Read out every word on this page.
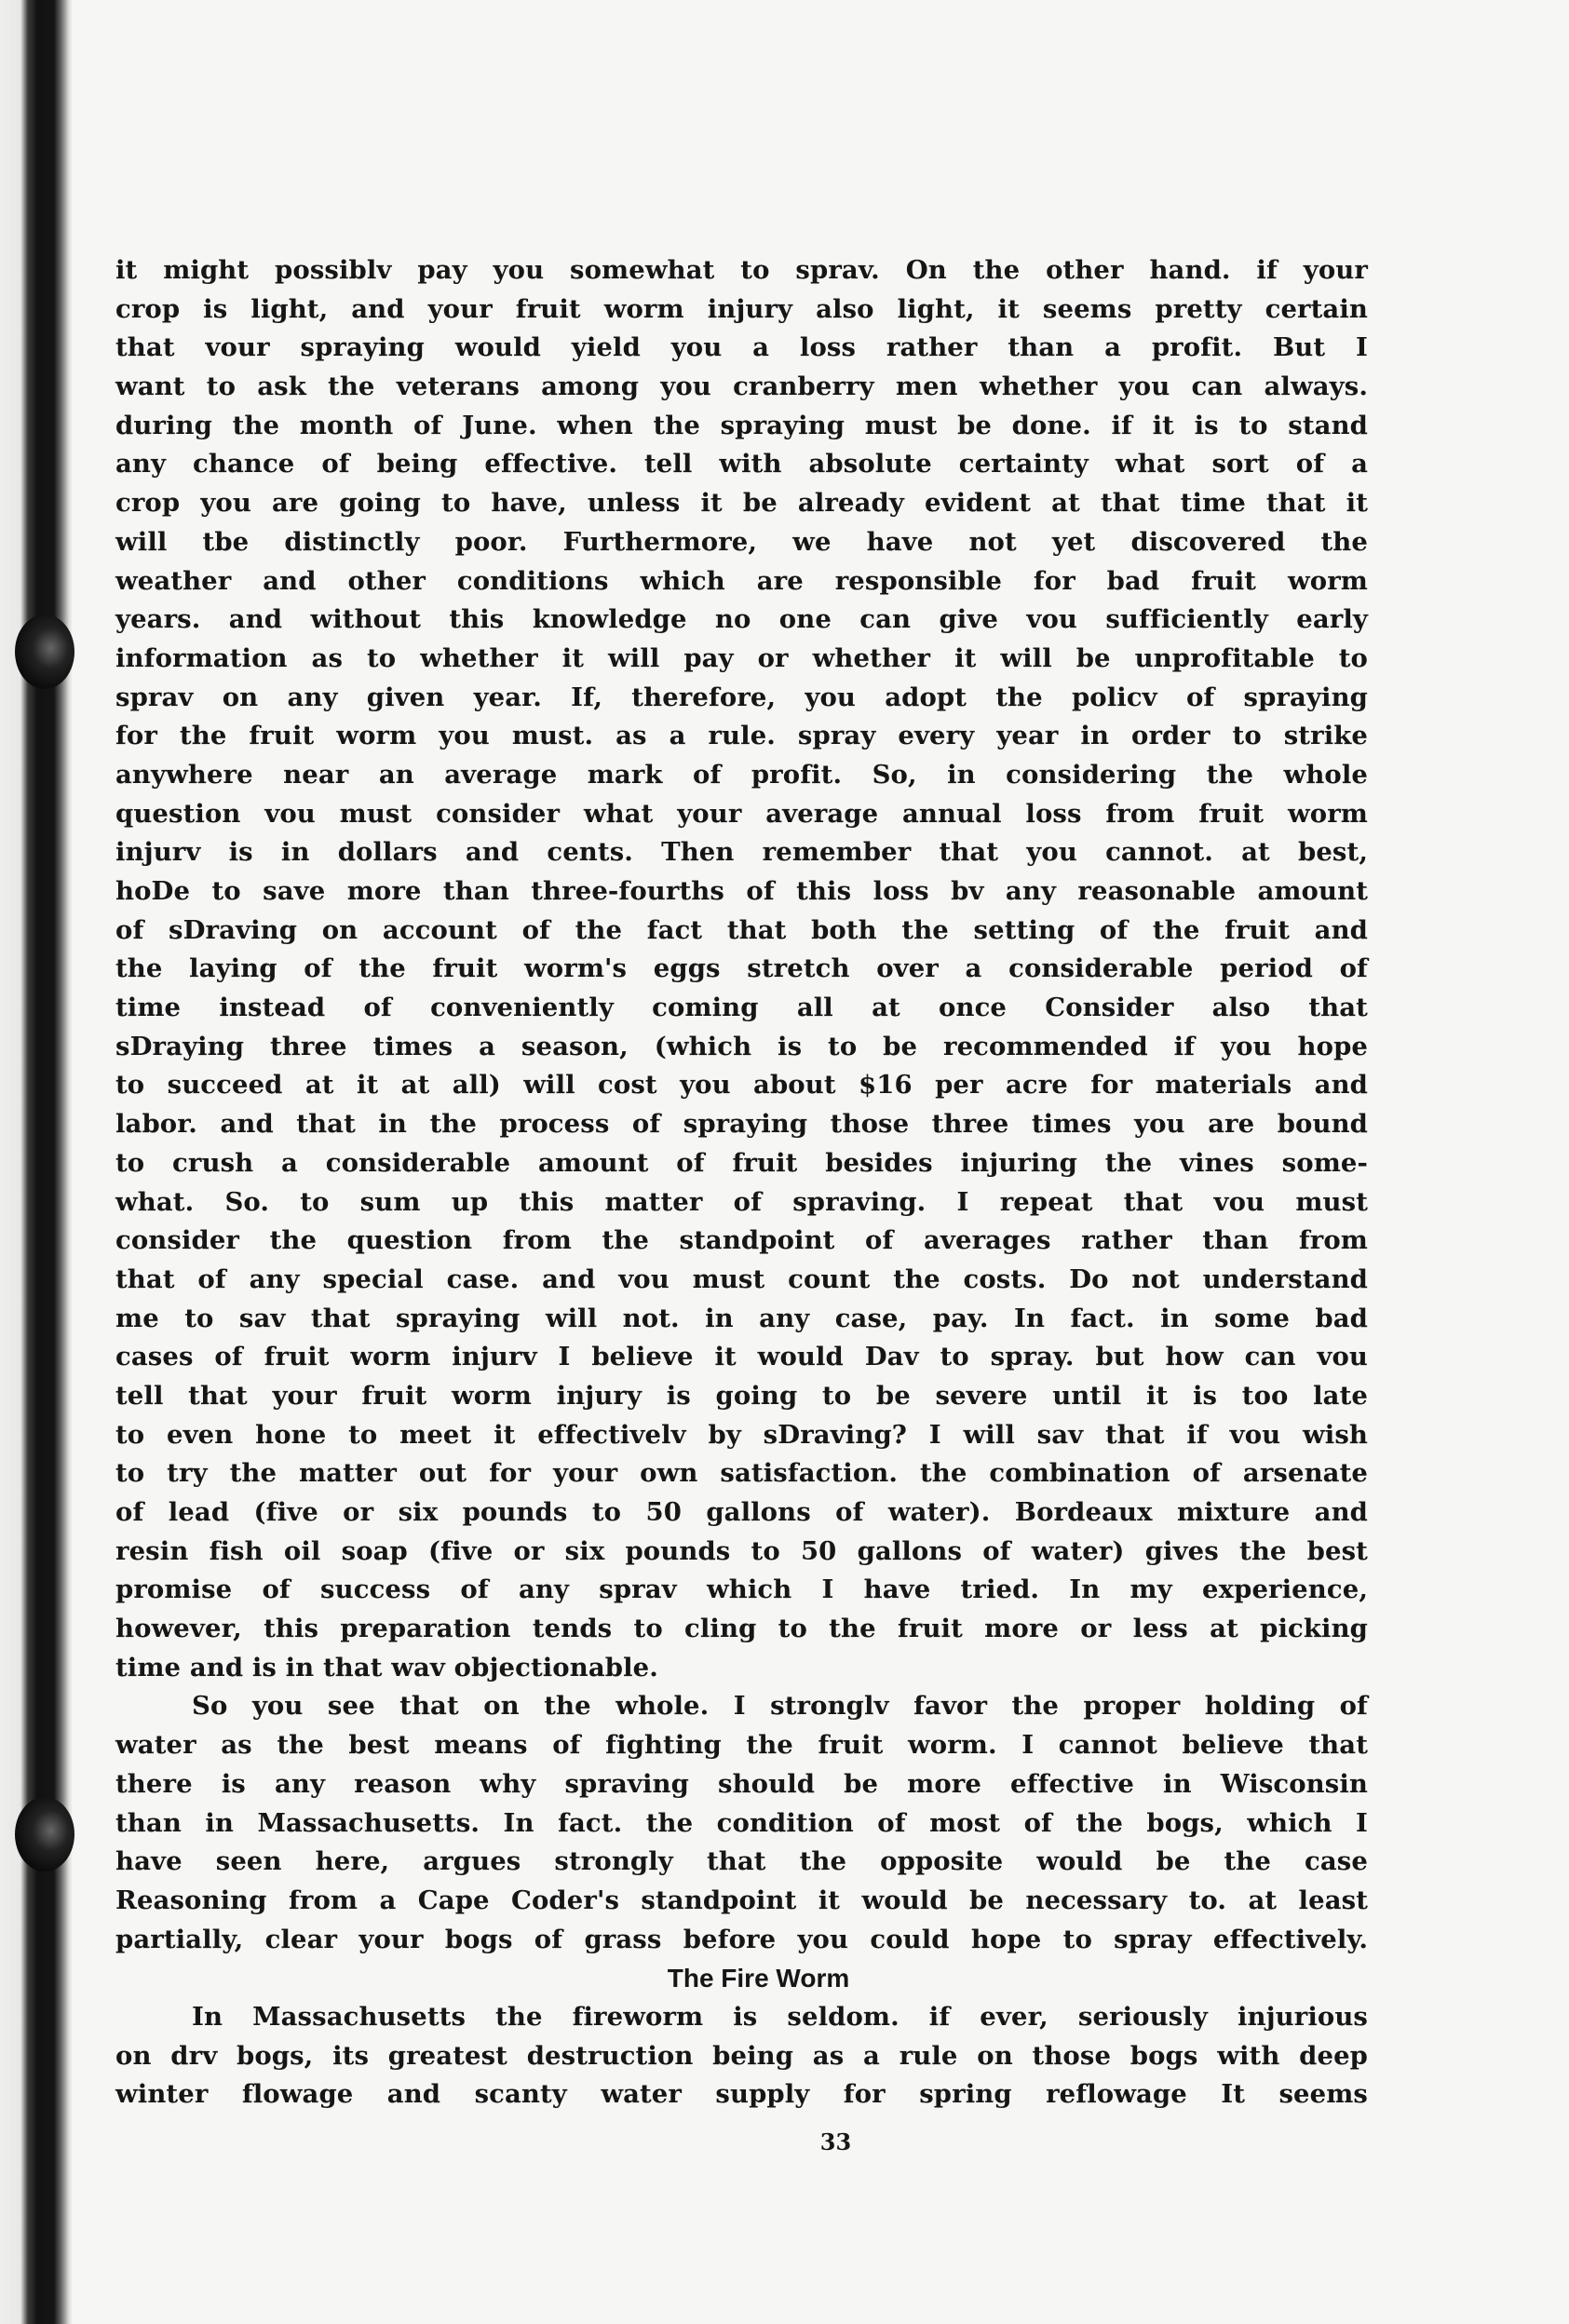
it might possiblv pay you somewhat to sprav. On the other hand. if your
crop is light, and your fruit worm injury also light, it seems pretty certain
that vour spraying would yield you a loss rather than a profit. But I
want to ask the veterans among you cranberry men whether you can always.
during the month of June. when the spraying must be done. if it is to stand
any chance of being effective. tell with absolute certainty what sort of a
crop you are going to have, unless it be already evident at that time that it
will tbe distinctly poor. Furthermore, we have not yet discovered the
weather and other conditions which are responsible for bad fruit worm
years. and without this knowledge no one can give vou sufficiently early
information as to whether it will pay or whether it will be unprofitable to
sprav on any given year. If, therefore, you adopt the policv of spraying
for the fruit worm you must. as a rule. spray every year in order to strike
anywhere near an average mark of profit. So, in considering the whole
question vou must consider what your average annual loss from fruit worm
injurv is in dollars and cents. Then remember that you cannot. at best,
hoDe to save more than three-fourths of this loss bv any reasonable amount
of sDraving on account of the fact that both the setting of the fruit and
the laying of the fruit worm's eggs stretch over a considerable period of
time instead of conveniently coming all at once Consider also that
sDraying three times a season, (which is to be recommended if you hope
to succeed at it at all) will cost you about $16 per acre for materials and
labor. and that in the process of spraying those three times you are bound
to crush a considerable amount of fruit besides injuring the vines some-
what. So. to sum up this matter of spraving. I repeat that vou must
consider the question from the standpoint of averages rather than from
that of any special case. and vou must count the costs. Do not understand
me to sav that spraying will not. in any case, pay. In fact. in some bad
cases of fruit worm injurv I believe it would Dav to spray. but how can vou
tell that your fruit worm injury is going to be severe until it is too late
to even hone to meet it effectivelv by sDraving? I will sav that if vou wish
to try the matter out for your own satisfaction. the combination of arsenate
of lead (five or six pounds to 50 gallons of water). Bordeaux mixture and
resin fish oil soap (five or six pounds to 50 gallons of water) gives the best
promise of success of any sprav which I have tried. In my experience,
however, this preparation tends to cling to the fruit more or less at picking
time and is in that wav objectionable.
So you see that on the whole. I stronglv favor the proper holding of
water as the best means of fighting the fruit worm. I cannot believe that
there is any reason why spraving should be more effective in Wisconsin
than in Massachusetts. In fact. the condition of most of the bogs, which I
have seen here, argues strongly that the opposite would be the case
Reasoning from a Cape Coder's standpoint it would be necessary to. at least
partially, clear your bogs of grass before you could hope to spray effectively.
The Fire Worm
In Massachusetts the fireworm is seldom. if ever, seriously injurious
on drv bogs, its greatest destruction being as a rule on those bogs with deep
winter flowage and scanty water supply for spring reflowage It seems
33
